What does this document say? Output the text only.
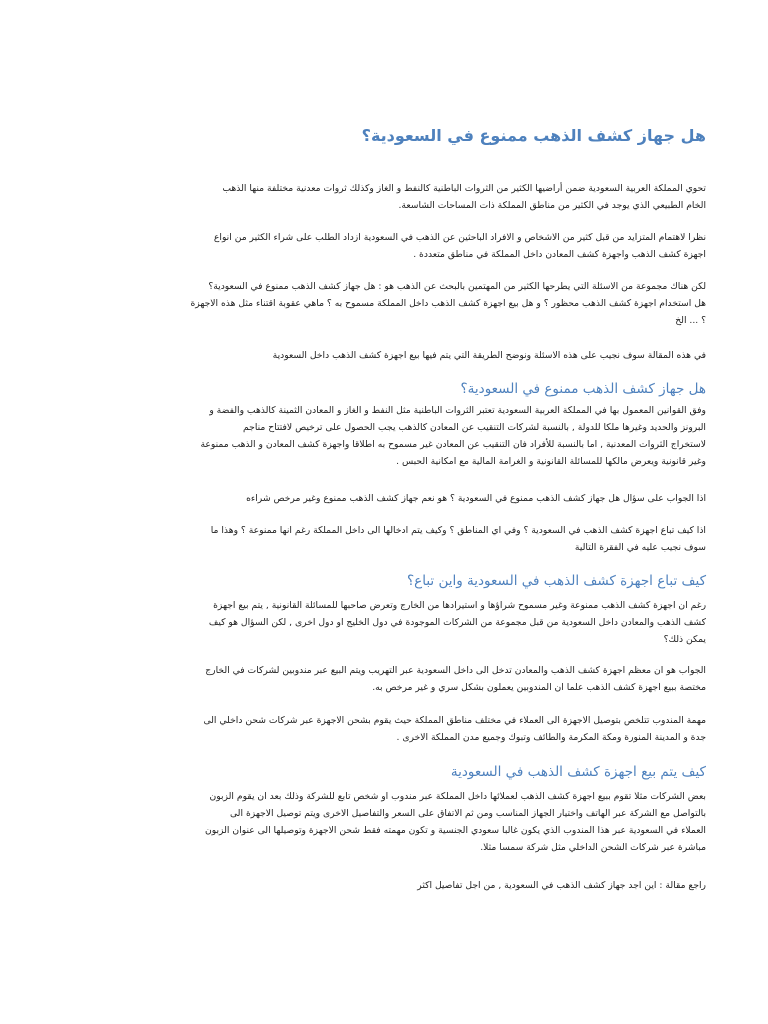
هل جهاز كشف الذهب ممنوع في السعودية؟

تحوي المملكة العربية السعودية ضمن أراضيها الكثير من الثروات الباطنية كالنفط و الغاز وكذلك ثروات معدنية مختلفة منها الذهب
الخام الطبيعي الذي يوجد في الكثير من مناطق المملكة ذات المساحات الشاسعة.

نظرا لاهتمام المتزايد من قبل كثير من الاشخاص و الافراد الباحثين عن الذهب في السعودية ازداد الطلب على شراء الكثير من انواع
اجهزة كشف الذهب واجهزة كشف المعادن داخل المملكة في مناطق متعددة .

لكن هناك مجموعة من الاسئلة التي يطرحها الكثير من المهتمين بالبحث عن الذهب هو : هل جهاز كشف الذهب ممنوع في السعودية؟
هل استخدام اجهزة كشف الذهب محظور ؟ و هل بيع اجهزة كشف الذهب داخل المملكة مسموح به ؟ ماهي عقوبة اقتناء مثل هذه الاجهزة
؟ ... الخ

في هذه المقالة سوف نجيب على هذه الاسئلة ونوضح الطريقة التي يتم فيها بيع اجهزة كشف الذهب داخل السعودية

هل جهاز كشف الذهب ممنوع في السعودية؟

وفق القوانين المعمول بها في المملكة العربية السعودية تعتبر الثروات الباطنية مثل النفط و الغاز و المعادن الثمينة كالذهب والفضة و
البرونز والحديد وغيرها ملكا للدولة , بالنسبة لشركات التنقيب عن المعادن كالذهب يجب الحصول على ترخيص لافتتاح مناجم
لاستخراج الثروات المعدنية , اما بالنسبة للأفراد فان التنقيب عن المعادن غير مسموح به اطلاقا واجهزة كشف المعادن و الذهب ممنوعة
وغير قانونية ويعرض مالكها للمسائلة القانونية و الغرامة المالية مع امكانية الحبس .

اذا الجواب على سؤال هل جهاز كشف الذهب ممنوع في السعودية ؟ هو نعم جهاز كشف الذهب ممنوع وغير مرخص شراءه

اذا كيف تباع اجهزة كشف الذهب في السعودية ؟ وفي اي المناطق ؟ وكيف يتم ادخالها الى داخل المملكة رغم انها ممنوعة ؟ وهذا ما
سوف نجيب عليه في الفقرة التالية

كيف تباع اجهزة كشف الذهب في السعودية واين تباع؟

رغم ان اجهزة كشف الذهب ممنوعة وغير مسموح شراؤها و استيرادها من الخارج وتعرض صاحبها للمسائلة القانونية , يتم بيع اجهزة
كشف الذهب والمعادن داخل السعودية من قبل مجموعة من الشركات الموجودة في دول الخليج او دول اخرى , لكن السؤال هو كيف
يمكن ذلك؟

الجواب هو ان معظم اجهزة كشف الذهب والمعادن تدخل الى داخل السعودية عبر التهريب ويتم البيع عبر مندوبين لشركات في الخارج
مختصة ببيع اجهزة كشف الذهب علما ان المندوبين يعملون بشكل سري و غير مرخص به.

مهمة المندوب تتلخص بتوصيل الاجهزة الى العملاء في مختلف مناطق المملكة حيث يقوم بشحن الاجهزة عبر شركات شحن داخلي الى
جدة و المدينة المنورة ومكة المكرمة والطائف وتبوك وجميع مدن المملكة الاخرى .

كيف يتم بيع اجهزة كشف الذهب في السعودية

بعض الشركات مثلا تقوم ببيع اجهزة كشف الذهب لعملائها داخل المملكة عبر مندوب او شخص تابع للشركة وذلك بعد ان يقوم الزبون
بالتواصل مع الشركة عبر الهاتف واختيار الجهاز المناسب ومن ثم الاتفاق على السعر والتفاصيل الاخرى ويتم توصيل الاجهزة الى
العملاء في السعودية عبر هذا المندوب الذي يكون غالبا سعودي الجنسية و تكون مهمته فقط شحن الاجهزة وتوصيلها الى عنوان الزبون
مباشرة عبر شركات الشحن الداخلي مثل شركة سمسا مثلا.

راجع مقالة : اين اجد جهاز كشف الذهب في السعودية , من اجل تفاصيل اكثر
